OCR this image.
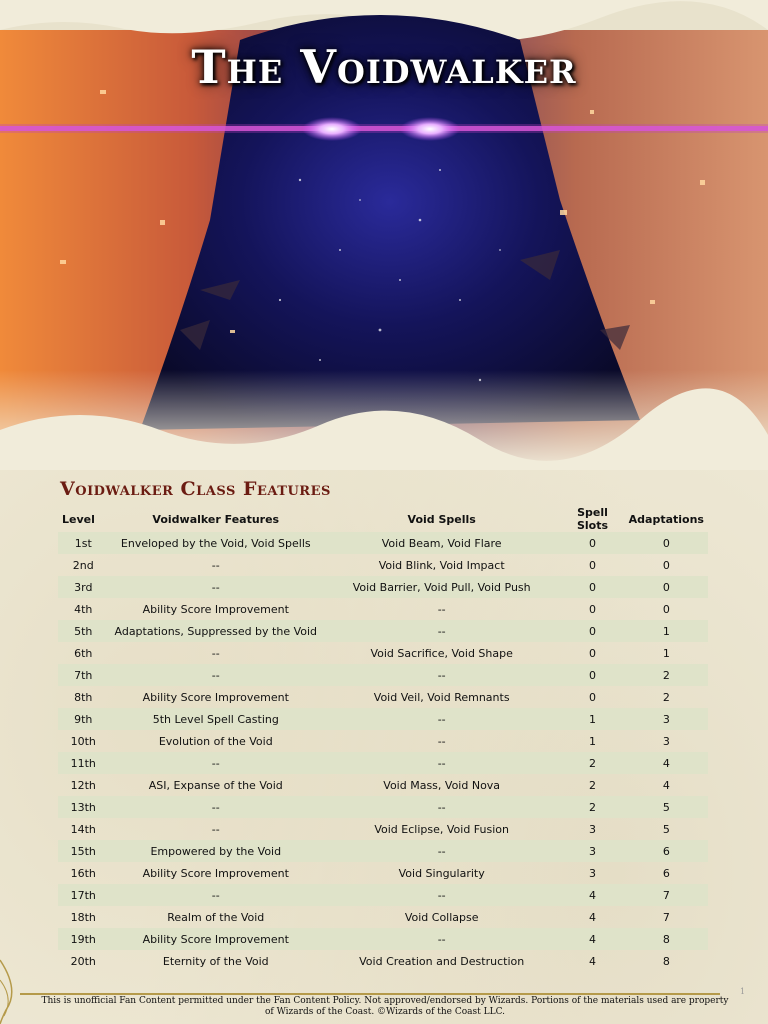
The Voidwalker
Voidwalker Class Features
Level	Voidwalker Features	Void Spells	Spell Slots	Adaptations
1st	Enveloped by the Void, Void Spells	Void Beam, Void Flare	0	0
2nd	--	Void Blink, Void Impact	0	0
3rd	--	Void Barrier, Void Pull, Void Push	0	0
4th	Ability Score Improvement	--	0	0
5th	Adaptations, Suppressed by the Void	--	0	1
6th	--	Void Sacrifice, Void Shape	0	1
7th	--	--	0	2
8th	Ability Score Improvement	Void Veil, Void Remnants	0	2
9th	5th Level Spell Casting	--	1	3
10th	Evolution of the Void	--	1	3
11th	--	--	2	4
12th	ASI, Expanse of the Void	Void Mass, Void Nova	2	4
13th	--	--	2	5
14th	--	Void Eclipse, Void Fusion	3	5
15th	Empowered by the Void	--	3	6
16th	Ability Score Improvement	Void Singularity	3	6
17th	--	--	4	7
18th	Realm of the Void	Void Collapse	4	7
19th	Ability Score Improvement	--	4	8
20th	Eternity of the Void	Void Creation and Destruction	4	8

This is unofficial Fan Content permitted under the Fan Content Policy. Not approved/endorsed by Wizards. Portions of the materials used are property of Wizards of the Coast. ©Wizards of the Coast LLC.

1
